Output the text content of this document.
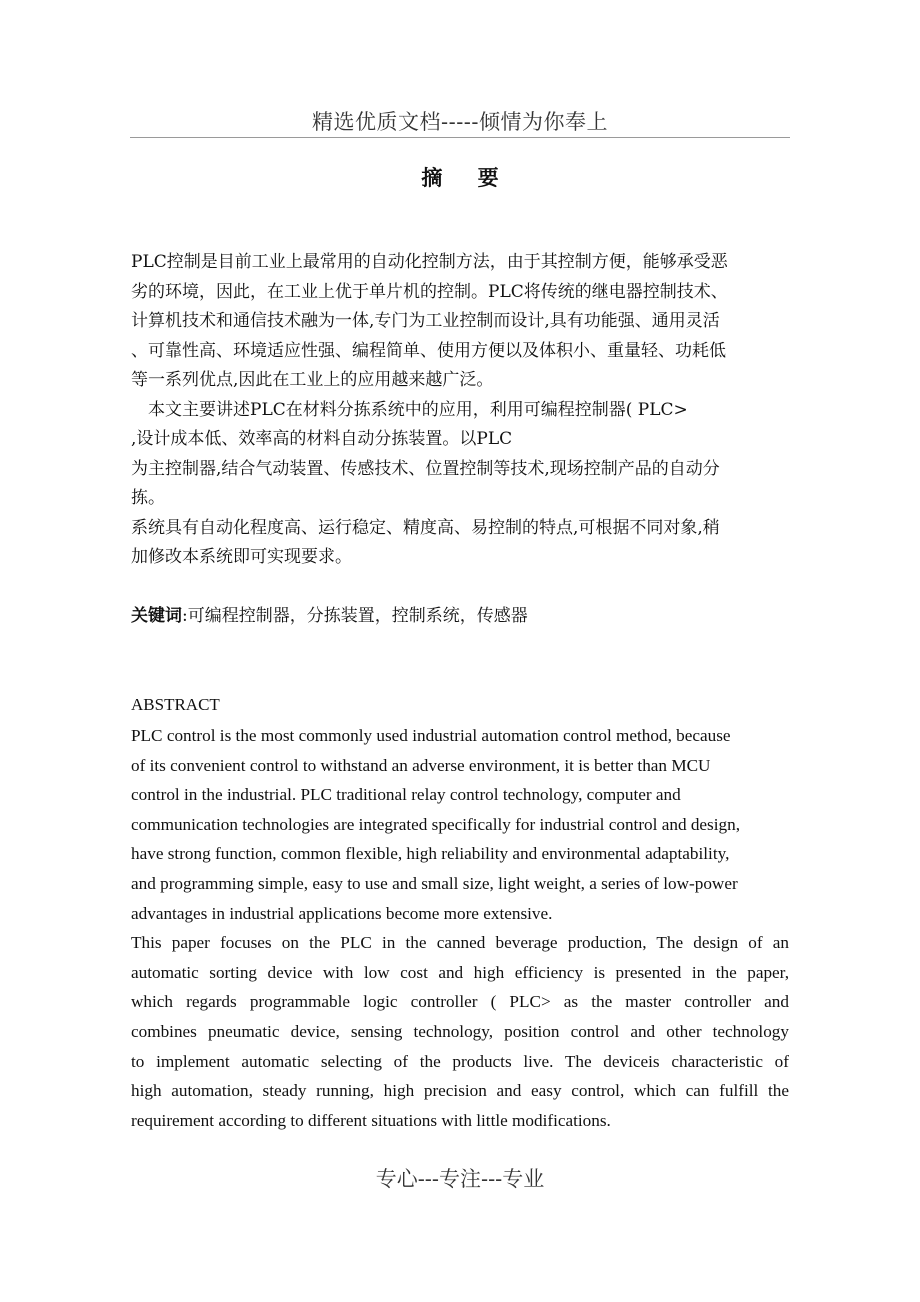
精选优质文档-----倾情为你奉上
摘 要
PLC控制是目前工业上最常用的自动化控制方法，由于其控制方便，能够承受恶
劣的环境，因此，在工业上优于单片机的控制。PLC将传统的继电器控制技术、
计算机技术和通信技术融为一体,专门为工业控制而设计,具有功能强、通用灵活
、可靠性高、环境适应性强、编程简单、使用方便以及体积小、重量轻、功耗低
等一系列优点,因此在工业上的应用越来越广泛。
　本文主要讲述PLC在材料分拣系统中的应用，利用可编程控制器( PLC>
,设计成本低、效率高的材料自动分拣装置。以PLC
为主控制器,结合气动装置、传感技术、位置控制等技术,现场控制产品的自动分
拣。
系统具有自动化程度高、运行稳定、精度高、易控制的特点,可根据不同对象,稍
加修改本系统即可实现要求。
关键词:可编程控制器，分拣装置，控制系统，传感器
ABSTRACT
PLC control is the most commonly used industrial automation control method, because
of its convenient control to withstand an adverse environment, it is better than MCU
control in the industrial. PLC traditional relay control technology, computer and
communication technologies are integrated specifically for industrial control and design,
have strong function, common flexible, high reliability and environmental adaptability,
and programming simple, easy to use and small size, light weight, a series of low-power
advantages in industrial applications become more extensive.
This paper focuses on the PLC in the canned beverage production, The design of an
automatic sorting device with low cost and high efficiency is presented in the paper,
which regards programmable logic controller ( PLC> as the master controller and
combines pneumatic device, sensing technology, position control and other technology
to implement automatic selecting of the products live. The deviceis characteristic of
high automation, steady running, high precision and easy control, which can fulfill the
requirement according to different situations with little modifications.
专心---专注---专业
